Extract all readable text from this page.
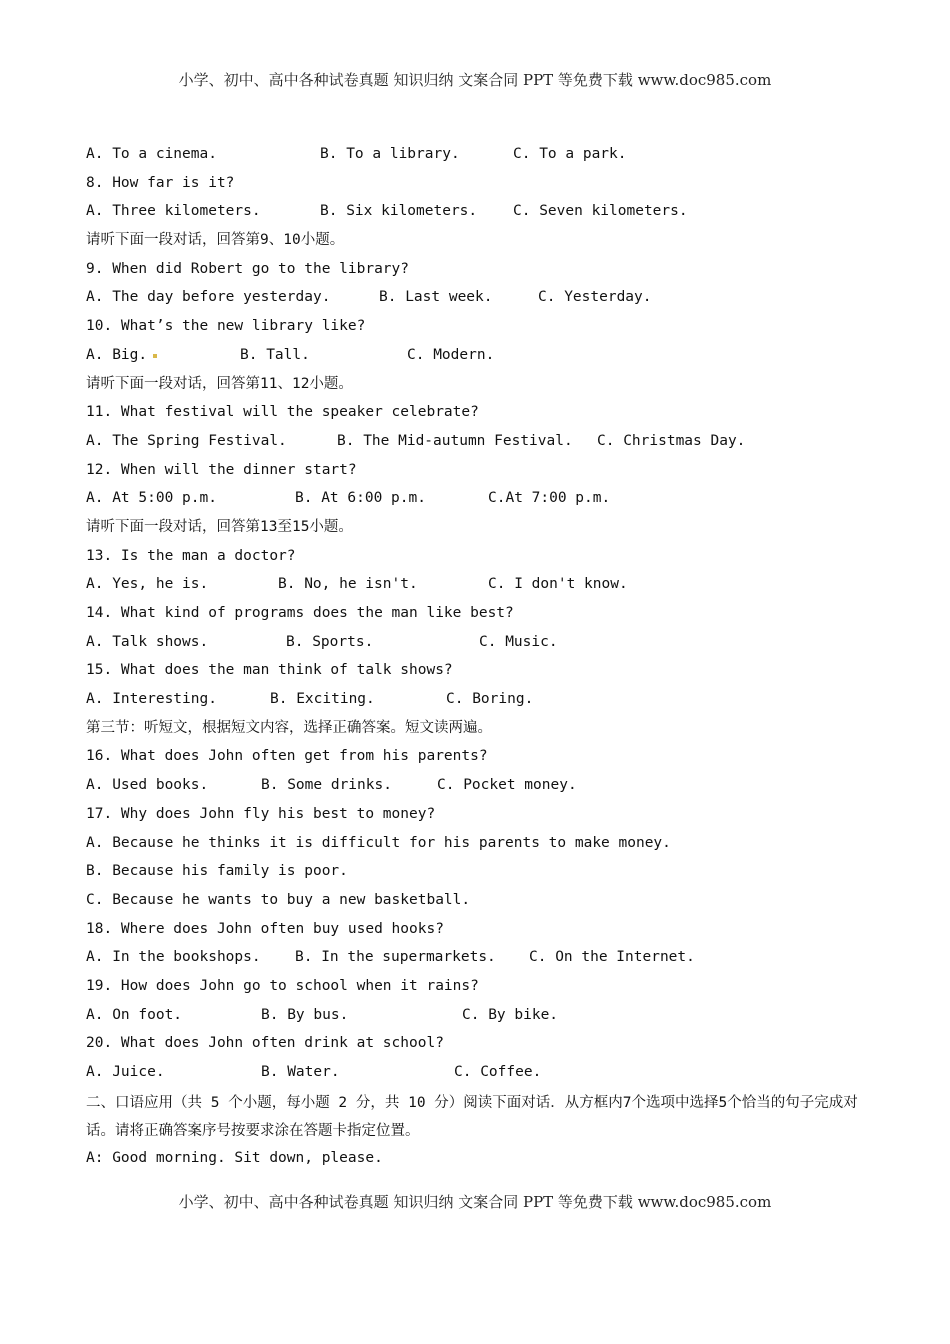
小学、初中、高中各种试卷真题 知识归纳 文案合同 PPT 等免费下载 www.doc985.com
A. To a cinema.	B. To a library.	C. To a park.
8. How far is it?
A. Three kilometers.	B. Six kilometers.	C. Seven kilometers.
请听下面一段对话，回答第9、10小题。
9. When did Robert go to the library?
A. The day before yesterday.	B. Last week.	C. Yesterday.
10. What’s the new library like?
A. Big.	B. Tall.	C. Modern.
请听下面一段对话，回答第11、12小题。
11. What festival will the speaker celebrate?
A. The Spring Festival.	B. The Mid-autumn Festival.	C. Christmas Day.
12. When will the dinner start?
A. At 5:00 p.m.	B. At 6:00 p.m.	C.At 7:00 p.m.
请听下面一段对话，回答第13至15小题。
13. Is the man a doctor?
A. Yes, he is.	B. No, he isn't.	C. I don't know.
14. What kind of programs does the man like best?
A. Talk shows.	B. Sports.	C. Music.
15. What does the man think of talk shows?
A. Interesting.	B. Exciting.	C. Boring.
第三节：听短文，根据短文内容，选择正确答案。短文读两遍。
16. What does John often get from his parents?
A. Used books.	B. Some drinks.	C. Pocket money.
17. Why does John fly his best to money?
A. Because he thinks it is difficult for his parents to make money.
B. Because his family is poor.
C. Because he wants to buy a new basketball.
18. Where does John often buy used hooks?
A. In the bookshops.	B. In the supermarkets.	C. On the Internet.
19. How does John go to school when it rains?
A. On foot.	B. By bus.	C. By bike.
20. What does John often drink at school?
A. Juice.	B. Water.	C. Coffee.
二、口语应用（共 5 个小题，每小题 2 分，共 10 分）阅读下面对话．从方框内7个选项中选择5个恰当的句子完成对话。请将正确答案序号按要求涂在答题卡指定位置。
A: Good morning. Sit down, please.
小学、初中、高中各种试卷真题 知识归纳 文案合同 PPT 等免费下载 www.doc985.com
